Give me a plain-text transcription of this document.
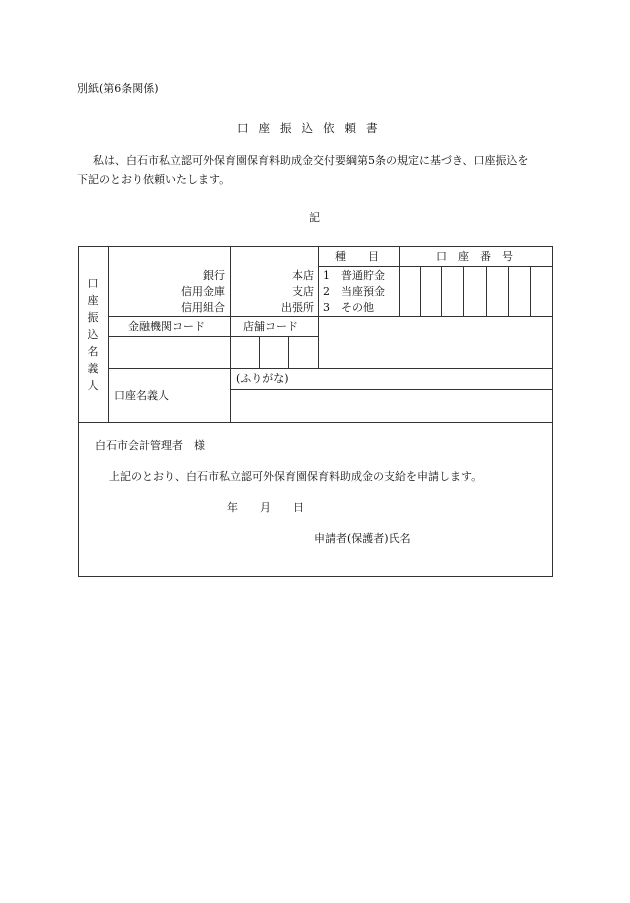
別紙(第6条関係)
口座振込依頼書
私は、白石市私立認可外保育園保育料助成金交付要綱第5条の規定に基づき、口座振込を
下記のとおり依頼いたします。
記
口
座
振
込
名
義
人
銀行
信用金庫
信用組合
本店
支店
出張所
種　　目
1　普通貯金
2　当座預金
3　その他
口　座　番　号
金融機関コード	店舗コード
(ふりがな)
口座名義人
白石市会計管理者　様
上記のとおり、白石市私立認可外保育園保育料助成金の支給を申請します。
年　　月　　日
申請者(保護者)氏名
